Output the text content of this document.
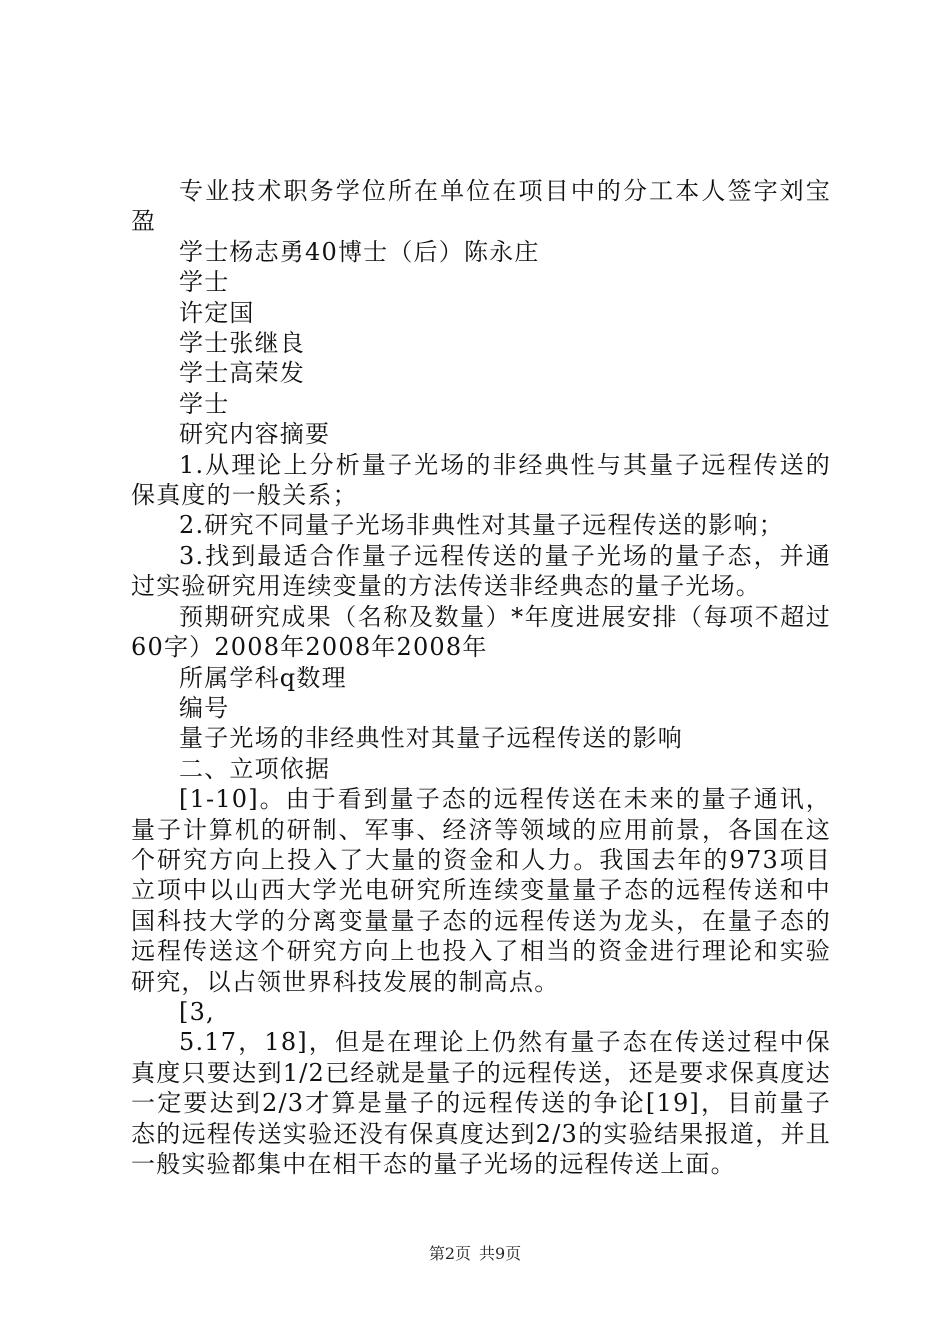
专业技术职务学位所在单位在项目中的分工本人签字刘宝盈

学士杨志勇40博士（后）陈永庄

学士

许定国

学士张继良

学士高荣发

学士

研究内容摘要

1.从理论上分析量子光场的非经典性与其量子远程传送的保真度的一般关系；

2.研究不同量子光场非典性对其量子远程传送的影响；

3.找到最适合作量子远程传送的量子光场的量子态，并通过实验研究用连续变量的方法传送非经典态的量子光场。

预期研究成果（名称及数量）*年度进展安排（每项不超过60字）2008年2008年2008年

所属学科q数理

编号

量子光场的非经典性对其量子远程传送的影响

二、立项依据

[1-10]。由于看到量子态的远程传送在未来的量子通讯，量子计算机的研制、军事、经济等领域的应用前景，各国在这个研究方向上投入了大量的资金和人力。我国去年的973项目立项中以山西大学光电研究所连续变量量子态的远程传送和中国科技大学的分离变量量子态的远程传送为龙头，在量子态的远程传送这个研究方向上也投入了相当的资金进行理论和实验研究，以占领世界科技发展的制高点。

[3,

5.17，18]，但是在理论上仍然有量子态在传送过程中保真度只要达到1/2已经就是量子的远程传送，还是要求保真度达一定要达到2/3才算是量子的远程传送的争论[19]，目前量子态的远程传送实验还没有保真度达到2/3的实验结果报道，并且一般实验都集中在相干态的量子光场的远程传送上面。

第2页 共9页
